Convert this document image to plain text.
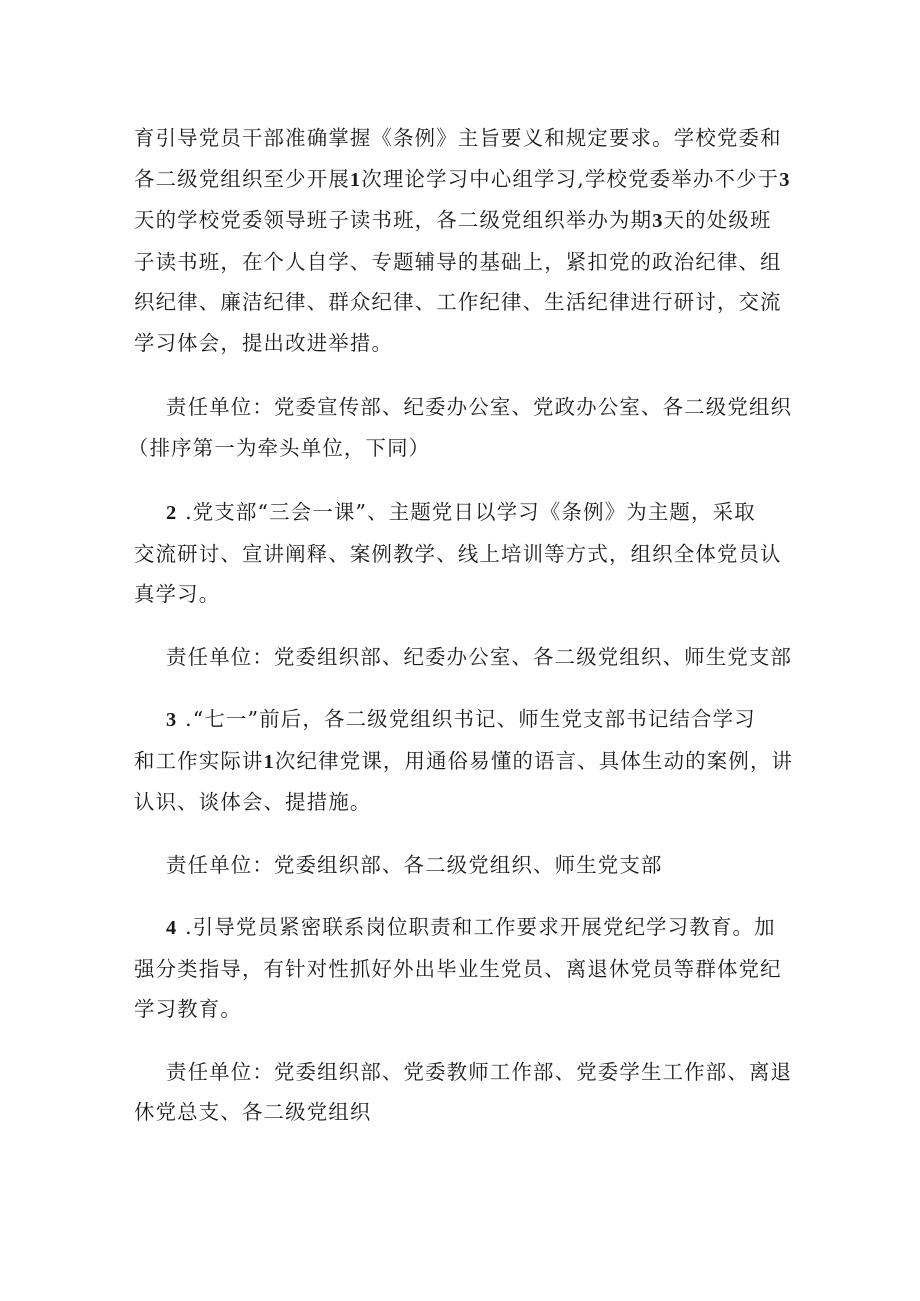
育引导党员干部准确掌握《条例》主旨要义和规定要求。学校党委和
各二级党组织至少开展1次理论学习中心组学习,学校党委举办不少于3
天的学校党委领导班子读书班，各二级党组织举办为期3天的处级班
子读书班，在个人自学、专题辅导的基础上，紧扣党的政治纪律、组
织纪律、廉洁纪律、群众纪律、工作纪律、生活纪律进行研讨，交流
学习体会，提出改进举措。

责任单位：党委宣传部、纪委办公室、党政办公室、各二级党组织
（排序第一为牵头单位，下同）

2 .党支部“三会一课”、主题党日以学习《条例》为主题，采取
交流研讨、宣讲阐释、案例教学、线上培训等方式，组织全体党员认
真学习。

责任单位：党委组织部、纪委办公室、各二级党组织、师生党支部

3 .“七一”前后，各二级党组织书记、师生党支部书记结合学习
和工作实际讲1次纪律党课，用通俗易懂的语言、具体生动的案例，讲
认识、谈体会、提措施。

责任单位：党委组织部、各二级党组织、师生党支部

4 .引导党员紧密联系岗位职责和工作要求开展党纪学习教育。加
强分类指导，有针对性抓好外出毕业生党员、离退休党员等群体党纪
学习教育。

责任单位：党委组织部、党委教师工作部、党委学生工作部、离退
休党总支、各二级党组织
